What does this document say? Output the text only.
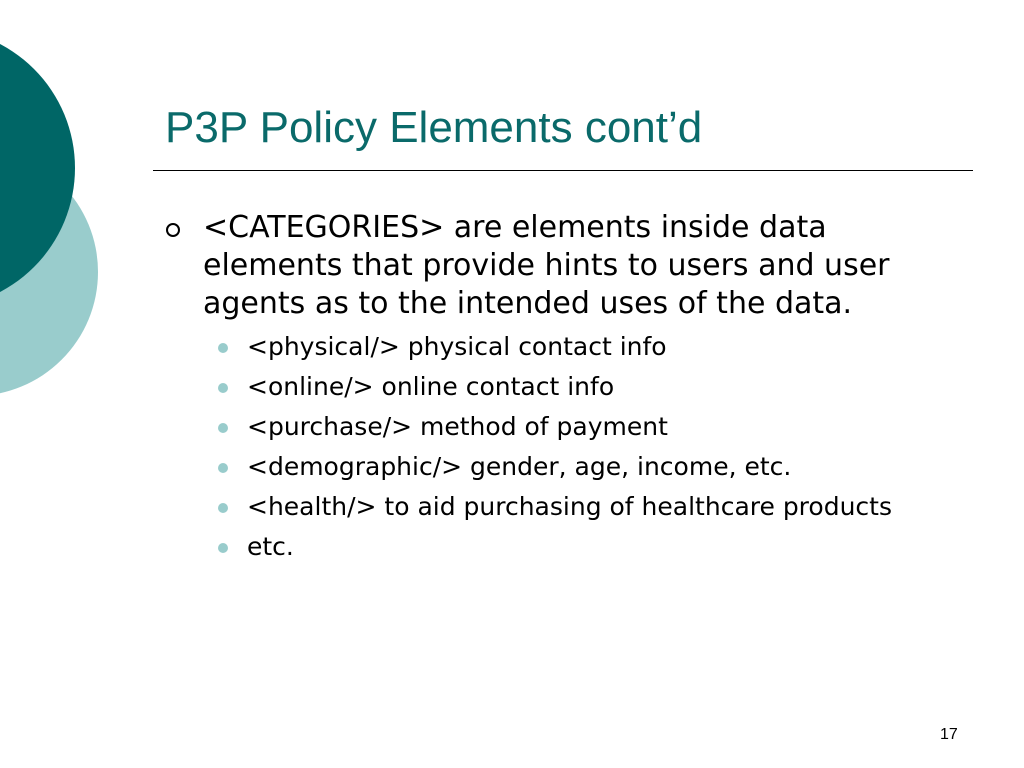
P3P Policy Elements cont’d
<CATEGORIES> are elements inside data elements that provide hints to users and user agents as to the intended uses of the data.
<physical/> physical contact info
<online/> online contact info
<purchase/> method of payment
<demographic/> gender, age, income, etc.
<health/> to aid purchasing of healthcare products
etc.
17
